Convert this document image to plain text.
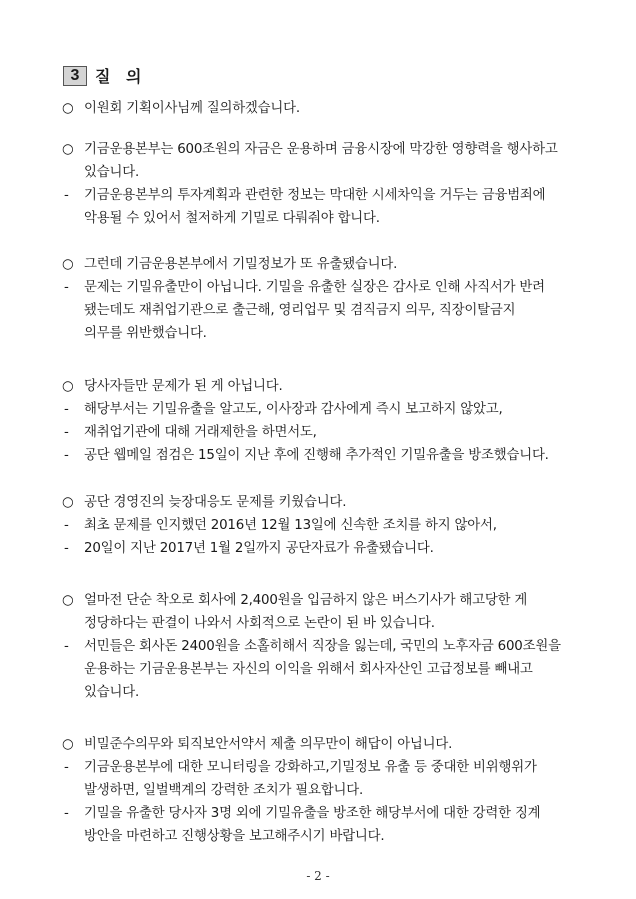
3 질 의
○ 이원회 기획이사님께 질의하겠습니다.
○ 기금운용본부는 600조원의 자금은 운용하며 금융시장에 막강한 영향력을 행사하고
있습니다.
- 기금운용본부의 투자계획과 관련한 정보는 막대한 시세차익을 거두는 금융범죄에
악용될 수 있어서 철저하게 기밀로 다뤄줘야 합니다.
○ 그런데 기금운용본부에서 기밀정보가 또 유출됐습니다.
- 문제는 기밀유출만이 아닙니다. 기밀을 유출한 실장은 감사로 인해 사직서가 반려
됐는데도 재취업기관으로 출근해, 영리업무 및 겸직금지 의무, 직장이탈금지
의무를 위반했습니다.
○ 당사자들만 문제가 된 게 아닙니다.
- 해당부서는 기밀유출을 알고도, 이사장과 감사에게 즉시 보고하지 않았고,
- 재취업기관에 대해 거래제한을 하면서도,
- 공단 웹메일 점검은 15일이 지난 후에 진행해 추가적인 기밀유출을 방조했습니다.
○ 공단 경영진의 늦장대응도 문제를 키웠습니다.
- 최초 문제를 인지했던 2016년 12월 13일에 신속한 조치를 하지 않아서,
- 20일이 지난 2017년 1월 2일까지 공단자료가 유출됐습니다.
○ 얼마전 단순 착오로 회사에 2,400원을 입금하지 않은 버스기사가 해고당한 게
정당하다는 판결이 나와서 사회적으로 논란이 된 바 있습니다.
- 서민들은 회사돈 2400원을 소홀히해서 직장을 잃는데, 국민의 노후자금 600조원을
운용하는 기금운용본부는 자신의 이익을 위해서 회사자산인 고급정보를 빼내고
있습니다.
○ 비밀준수의무와 퇴직보안서약서 제출 의무만이 해답이 아닙니다.
- 기금운용본부에 대한 모니터링을 강화하고,기밀정보 유출 등 중대한 비위행위가
발생하면, 일벌백계의 강력한 조치가 필요합니다.
- 기밀을 유출한 당사자 3명 외에 기밀유출을 방조한 해당부서에 대한 강력한 징계
방안을 마련하고 진행상황을 보고해주시기 바랍니다.
- 2 -
